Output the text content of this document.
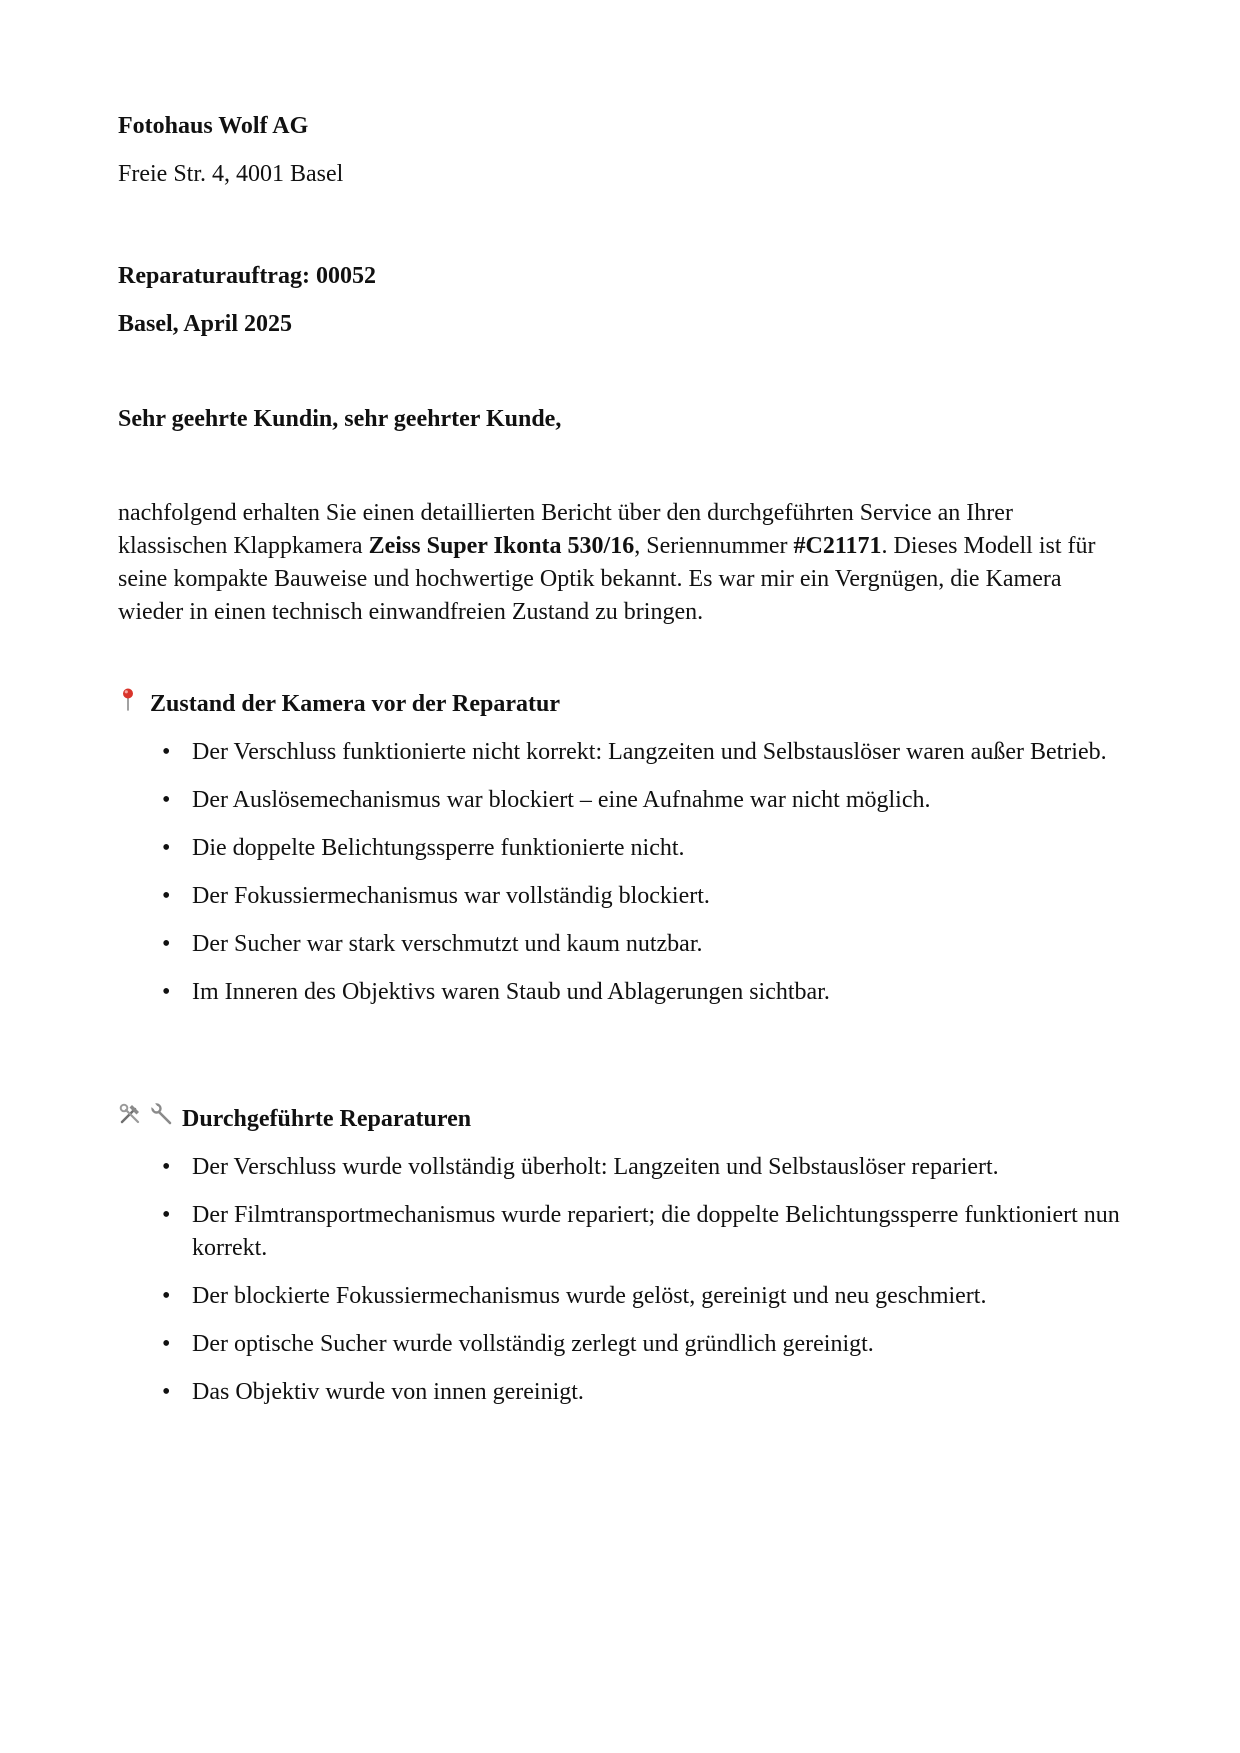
Fotohaus Wolf AG

Freie Str. 4, 4001 Basel

Reparaturauftrag: 00052

Basel, April 2025

Sehr geehrte Kundin, sehr geehrter Kunde,

nachfolgend erhalten Sie einen detaillierten Bericht über den durchgeführten Service an Ihrer klassischen Klappkamera Zeiss Super Ikonta 530/16, Seriennummer #C21171. Dieses Modell ist für seine kompakte Bauweise und hochwertige Optik bekannt. Es war mir ein Vergnügen, die Kamera wieder in einen technisch einwandfreien Zustand zu bringen.

Zustand der Kamera vor der Reparatur
• Der Verschluss funktionierte nicht korrekt: Langzeiten und Selbstauslöser waren außer Betrieb.
• Der Auslösemechanismus war blockiert – eine Aufnahme war nicht möglich.
• Die doppelte Belichtungssperre funktionierte nicht.
• Der Fokussiermechanismus war vollständig blockiert.
• Der Sucher war stark verschmutzt und kaum nutzbar.
• Im Inneren des Objektivs waren Staub und Ablagerungen sichtbar.
Durchgeführte Reparaturen
• Der Verschluss wurde vollständig überholt: Langzeiten und Selbstauslöser repariert.
• Der Filmtransportmechanismus wurde repariert; die doppelte Belichtungssperre funktioniert nun korrekt.
• Der blockierte Fokussiermechanismus wurde gelöst, gereinigt und neu geschmiert.
• Der optische Sucher wurde vollständig zerlegt und gründlich gereinigt.
• Das Objektiv wurde von innen gereinigt.
